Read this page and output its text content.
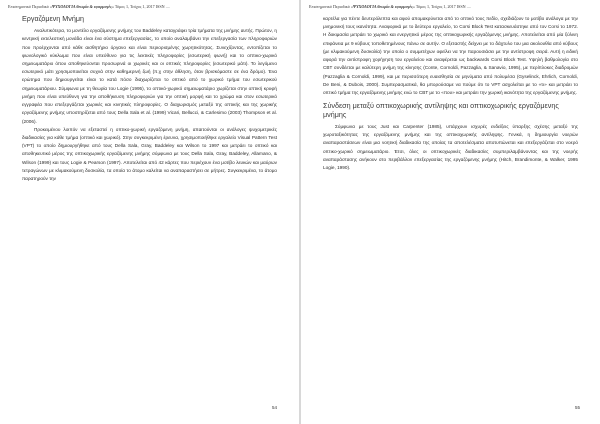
Επιστημονικό Περιοδικό «ΨΥΧΟΛΟΓΙΑ θεωρία & εφαρμογές» Τόμος 1, Τεύχος 1, 2017 ISSN ....
Εργαζόμενη Μνήμη

Αναλυτικότερα, το μοντέλο εργαζόμενης μνήμης του Baddeley καταγράφει τρία τμήματα της μνήμης αυτής. Πρώτον, η κεντρική εκτελεστική μονάδα είναι ένα σύστημα επεξεργασίας, το οποίο αναλαμβάνει την επεξεργασία των πληροφοριών που προέρχονται από κάθε αισθητήριο όργανο και είναι περιορισμένης χωρητικότητας. Συνεχίζοντας, εντοπίζεται το φωνολογικό κύκλωμα που είναι υπεύθυνο για τις λεκτικές πληροφορίες (εσωτερική φωνή) και το οπτικο-χωρικό σημειωματάριο όπου αποθηκεύονται προσωρινά οι χωρικές και οι οπτικές πληροφορίες (εσωτερικό μάτι). Το λεγόμενο εσωτερικό μάτι χρησιμοποιείται συχνά στην καθημερινή ζωή (π.χ στην άθληση, όταν βρισκόμαστε σε ένα δρόμο). Ένα ερώτημα που δημιουργείται είναι το κατά πόσο διαχωρίζεται το οπτικό από το χωρικό τμήμα του εσωτερικού σημειωματάριου. Σύμφωνα με τη θεωρία του Logie (1995), το οπτικό-χωρικό σημειωματάριο χωρίζεται στην οπτική κρυφή μνήμη που είναι υπεύθυνη για την αποθήκευση πληροφοριών για την οπτική μορφή και το χρώμα και στον εσωτερικό εγγραφέα που επεξεργάζεται χωρικές και κινητικές πληροφορίες. Ο διαχωρισμός μεταξύ της οπτικής και της χωρικής εργαζόμενης μνήμης υποστηρίζεται από τους Della Sala et al. (1999) Vicari, Bellucci, & Carlesimo (2003) Thompson et al. (2006).

Προκειμένου λοιπόν να εξεταστεί η οπτικο-χωρική εργαζόμενη μνήμη, απαιτούνται οι ανάλογες ψυχομετρικές διαδικασίες για κάθε τμήμα (οπτικό και χωρικό). Στην συγκεκριμένη έρευνα, χρησιμοποιήθηκε εργαλείο Visual Pattern Test (VPT) το οποίο δημιουργήθηκε από τους Della Sala, Gray, Baddeley και Wilson το 1997 και μετράει το οπτικό και αποθηκευτικό μέρος της οπτικοχωρικής εργαζόμενης μνήμης σύμφωνα με τους Della Sala, Gray, Baddeley, Allamano, & Wilson (1999) και τους Logie & Pearson (1997). Αποτελείται από 42 κάρτες που περιέχουν ένα μοτίβο λευκών και μαύρων τετραγώνων με κλιμακούμενη δυσκολία, τα οποία το άτομο καλείται να αναπαραστήσει σε μήτρες. Συγκεκριμένα, το άτομο παρατηρούν την

54
Επιστημονικό Περιοδικό «ΨΥΧΟΛΟΓΙΑ θεωρία & εφαρμογές» Τόμος 1, Τεύχος 1, 2017 ISSN ....

καρτέλα για πέντε δευτερόλεπτα και αφού απομακρύνεται από το οπτικό τους πεδίο, σχεδιάζουν το μοτίβο ανάλογα με την μνημονική τους ικανότητα. Αναφορικά με το δεύτερο εργαλείο, το Corsi Block Test κατασκευάστηκε από τον Corsi το 1972. Η δοκιμασία μετράει το χωρικό και ενεργητικό μέρος της οπτικοχωρικής εργαζόμενης μνήμης. Αποτελείται από μία ξύλινη επιφάνεια με 9 κύβους τοποθετημένους πάνω σε αυτήν. Ο εξεταστής δείχνει με το δάχτυλο του μια ακολουθία από κύβους (με κλιμακούμενη δυσκολία) την οποία ο συμμετέχων οφείλει να την παρουσιάσει με την αντίστροφη σειρά. Αυτή η ειδική αφορά την αντίστροφη χορήγηση του εργαλείου και αναφέρεται ως backwards Corsi Block Test. Υψηλή βαθμολογία στο CBT συνδέεται με καλύτερη μνήμη της κίνησης (Conte, Cornoldi, Pazzaglia, & Sanavio, 1995), με περίπλοκες διαδρομών (Pazzaglia & Cornoldi, 1999), και με περισσότερη ευαισθησία σε μηνύματα από πολυμέσα (Gyselinck, Ehrlich, Cornoldi, De Beni, & Dubois, 2000). Συμπερασματικά, θα μπορούσαμε να πούμε ότι το VPT ασχολείται με το «τι» και μετράει το οπτικό τμήμα της εργαζόμενης μνήμης ενώ το CBT με το «που» και μετράει την χωρική ικανότητα της εργαζόμενης μνήμης.

Σύνδεση μεταξύ οπτικοχωρικής αντίληψης και οπτικοχωρικής εργαζόμενης μνήμης

Σύμφωνα με τους Just και Carpenter (1985), υπάρχουν ισχυρές ενδείξεις ύπαρξης σχέσης μεταξύ της χωροταξικότητας της εργαζόμενης μνήμης και της οπτικοχωρικής αντίληψης. Γενικά, η δημιουργία νοερών αναπαραστάσεων είναι μια νοητική διαδικασία της οποίας τα αποτελέσματα αποτυπώνεται και επεξεργάζεται στο νοερό οπτικο-χωρικό σημειωματάριο. Έτσι, όλες οι οπτικοχωρικές διαδικασίες συμπεριλαμβάνοντας και της νοερής αναπαράστασης ανήκουν στο περιβάλλον επεξεργασίας της εργαζόμενης μνήμης (Hitch, Brandimonte, & Walker, 1995 Logie, 1990).

55
